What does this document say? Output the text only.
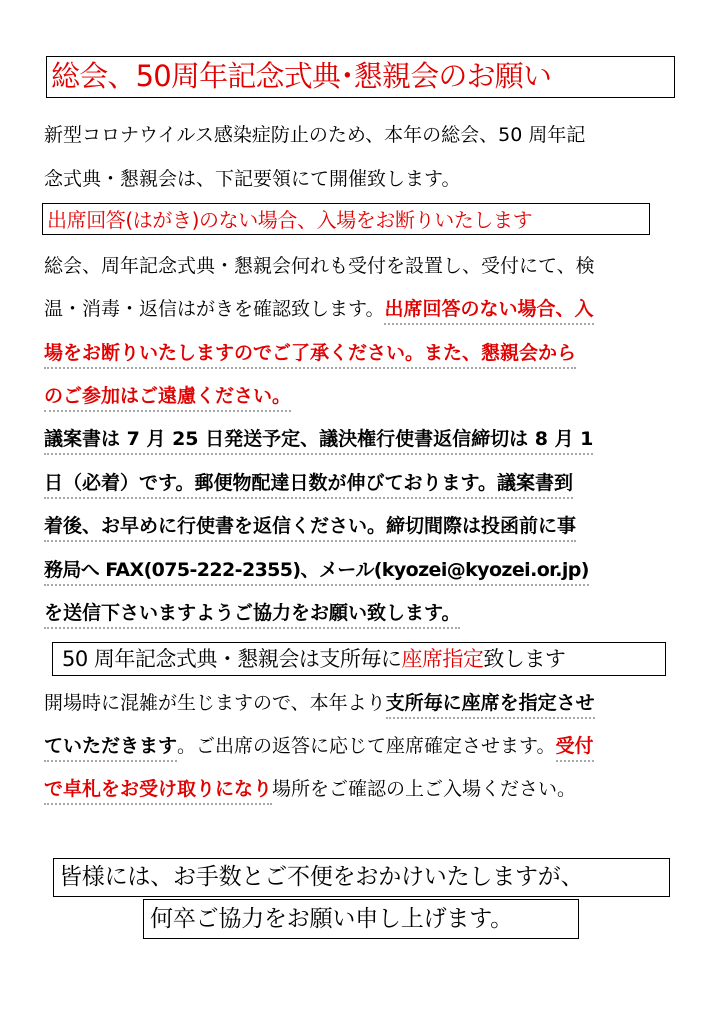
総会、50周年記念式典･懇親会のお願い
新型コロナウイルス感染症防止のため、本年の総会、50 周年記
念式典・懇親会は、下記要領にて開催致します。
出席回答(はがき)のない場合、入場をお断りいたします
総会、周年記念式典・懇親会何れも受付を設置し、受付にて、検
温・消毒・返信はがきを確認致します。出席回答のない場合、入
場をお断りいたしますのでご了承ください。また、懇親会から
のご参加はご遠慮ください。
議案書は 7 月 25 日発送予定、議決権行使書返信締切は 8 月 1
日（必着）です。郵便物配達日数が伸びております。議案書到
着後、お早めに行使書を返信ください。締切間際は投函前に事
務局へ FAX(075-222-2355)、メール(kyozei@kyozei.or.jp)
を送信下さいますようご協力をお願い致します。
50 周年記念式典・懇親会は支所毎に座席指定致します
開場時に混雑が生じますので、本年より支所毎に座席を指定させ
ていただきます。ご出席の返答に応じて座席確定させます。受付
で卓札をお受け取りになり場所をご確認の上ご入場ください。
皆様には、お手数とご不便をおかけいたしますが、
何卒ご協力をお願い申し上げます。
